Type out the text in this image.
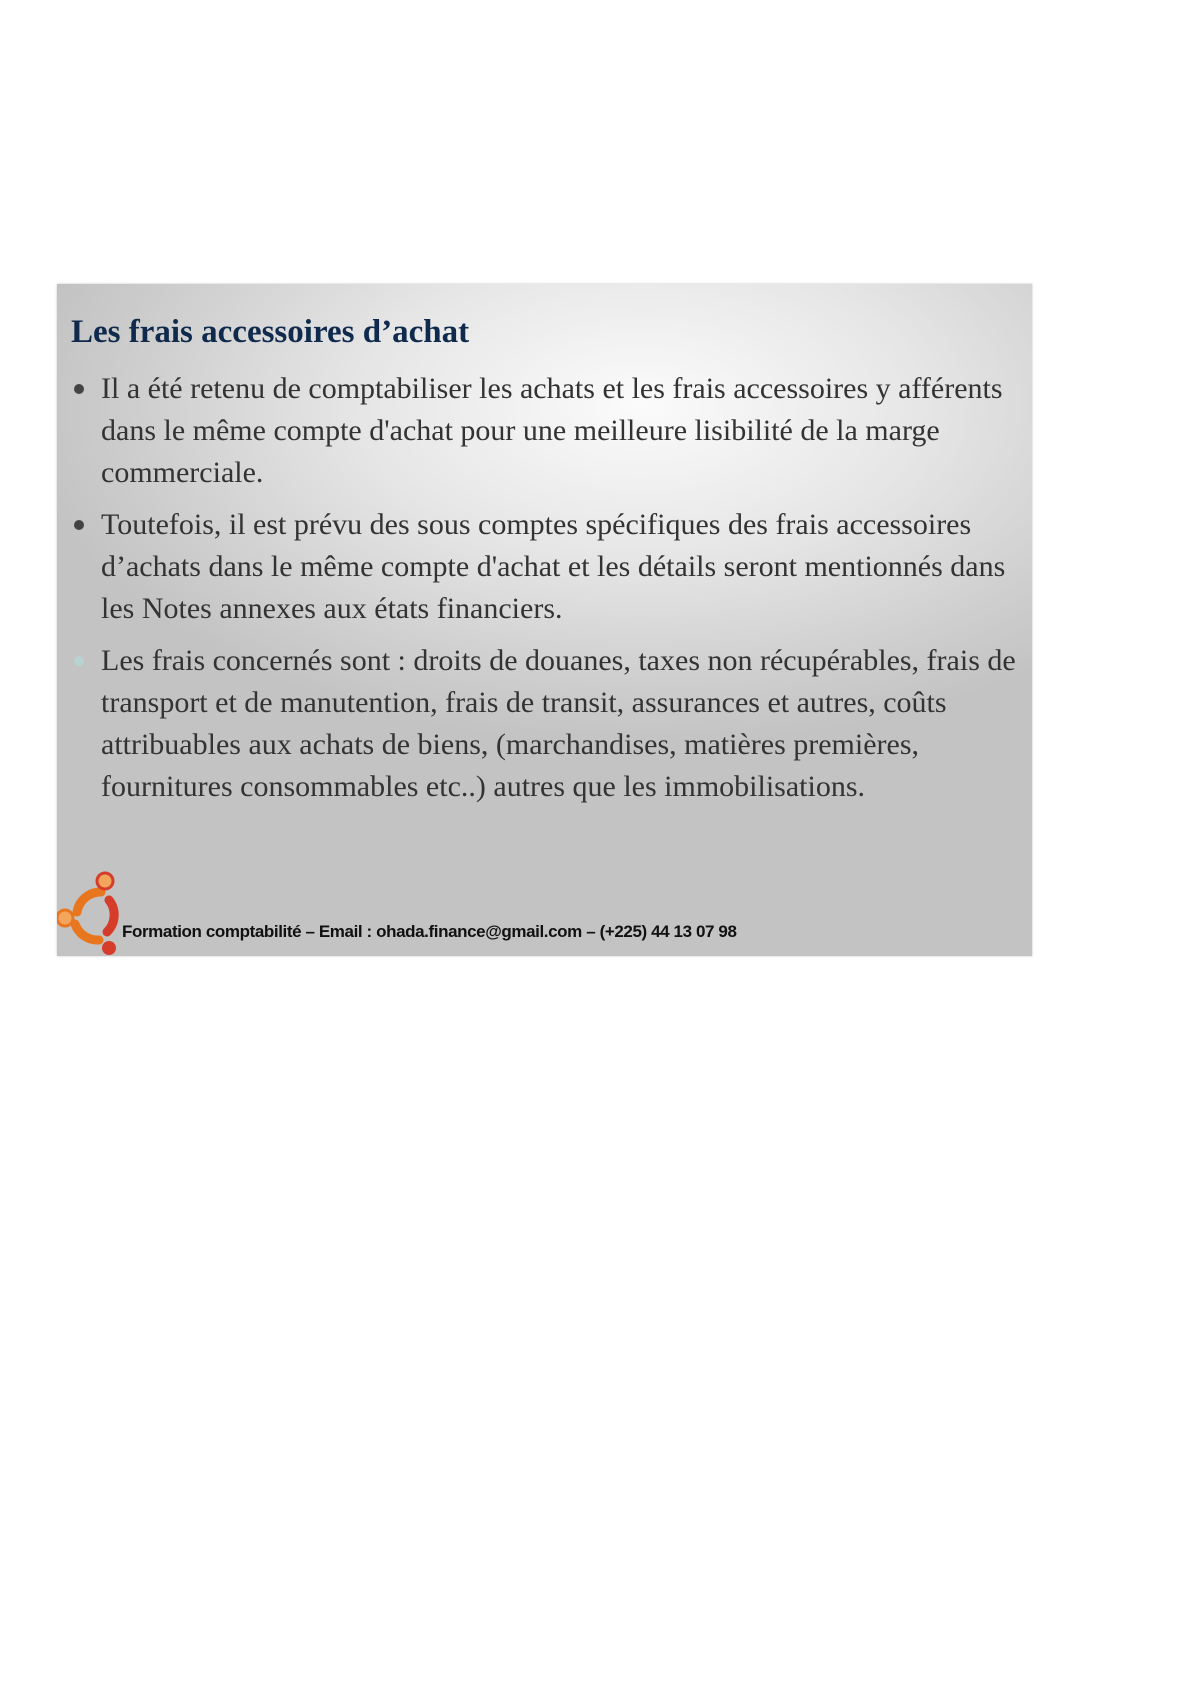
Les frais accessoires d’achat
Il a été retenu de comptabiliser les achats et les frais accessoires y afférents dans le même compte d'achat pour une meilleure lisibilité de la marge commerciale.
Toutefois, il est prévu des sous comptes spécifiques des frais accessoires d’achats dans le même compte d'achat et les détails seront mentionnés dans les Notes annexes aux états financiers.
Les frais concernés sont : droits de douanes, taxes non récupérables, frais de transport et de manutention, frais de transit, assurances et autres, coûts attribuables aux achats de biens, (marchandises, matières premières, fournitures consommables etc..) autres que les immobilisations.
Formation comptabilité – Email : ohada.finance@gmail.com – (+225) 44 13 07 98
